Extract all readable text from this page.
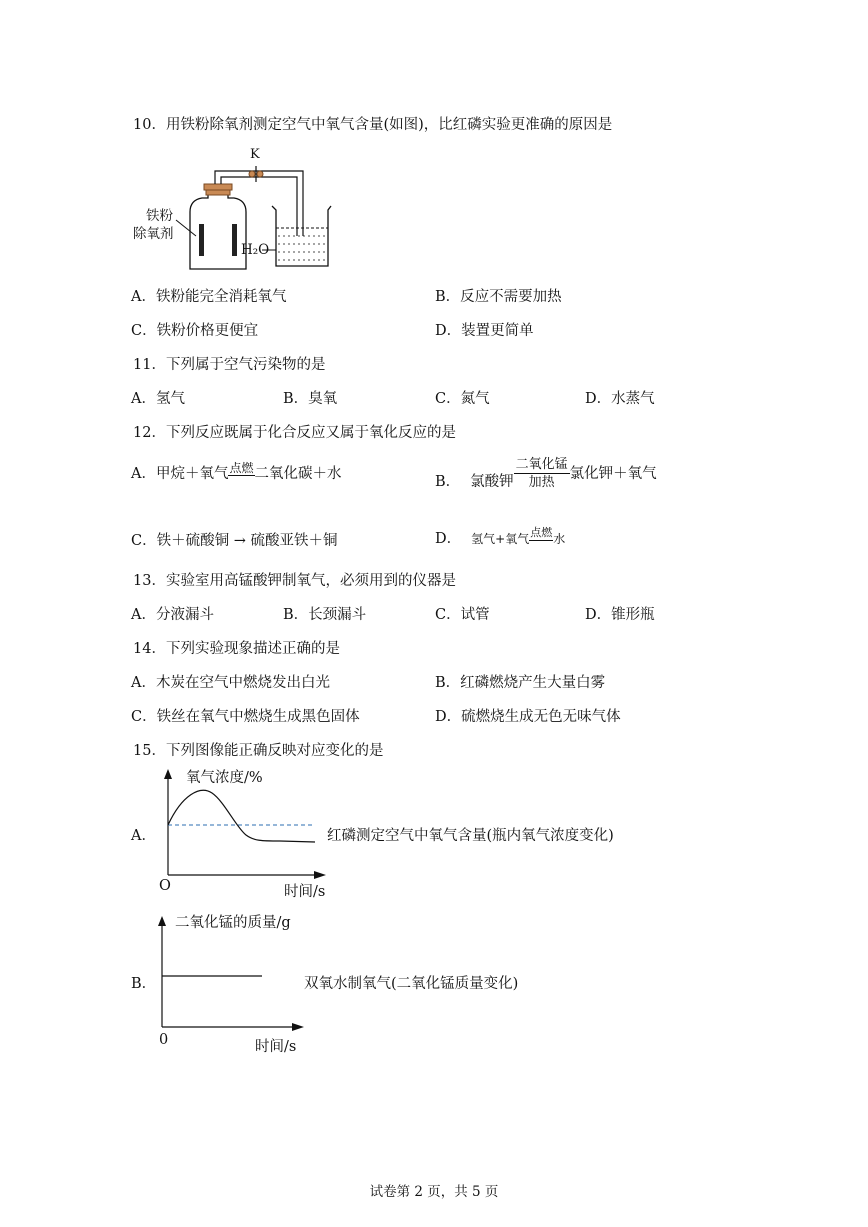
10．用铁粉除氧剂测定空气中氧气含量(如图)，比红磷实验更准确的原因是
K
铁粉
除氧剂
H₂O
A．铁粉能完全消耗氧气	B．反应不需要加热
C．铁粉价格更便宜	D．装置更简单
11．下列属于空气污染物的是
A．氢气	B．臭氧	C．氮气	D．水蒸气
12．下列反应既属于化合反应又属于氧化反应的是
A．甲烷＋氧气 点燃 二氧化碳＋水	B． 氯酸钾 $\frac{\text{二氧化锰}}{\text{加热}}$ 氯化钾＋氧气
C．铁＋硫酸铜 → 硫酸亚铁＋铜	D． 氢气+氧气 点燃 水
13．实验室用高锰酸钾制氧气，必须用到的仪器是
A．分液漏斗	B．长颈漏斗	C．试管	D．锥形瓶
14．下列实验现象描述正确的是
A．木炭在空气中燃烧发出白光	B．红磷燃烧产生大量白雾
C．铁丝在氧气中燃烧生成黑色固体	D．硫燃烧生成无色无味气体
15．下列图像能正确反映对应变化的是
A．
氧气浓度/%
O	时间/s
红磷测定空气中氧气含量(瓶内氧气浓度变化)
B．
二氧化锰的质量/g
0	时间/s
双氧水制氧气(二氧化锰质量变化)
试卷第 2 页，共 5 页
